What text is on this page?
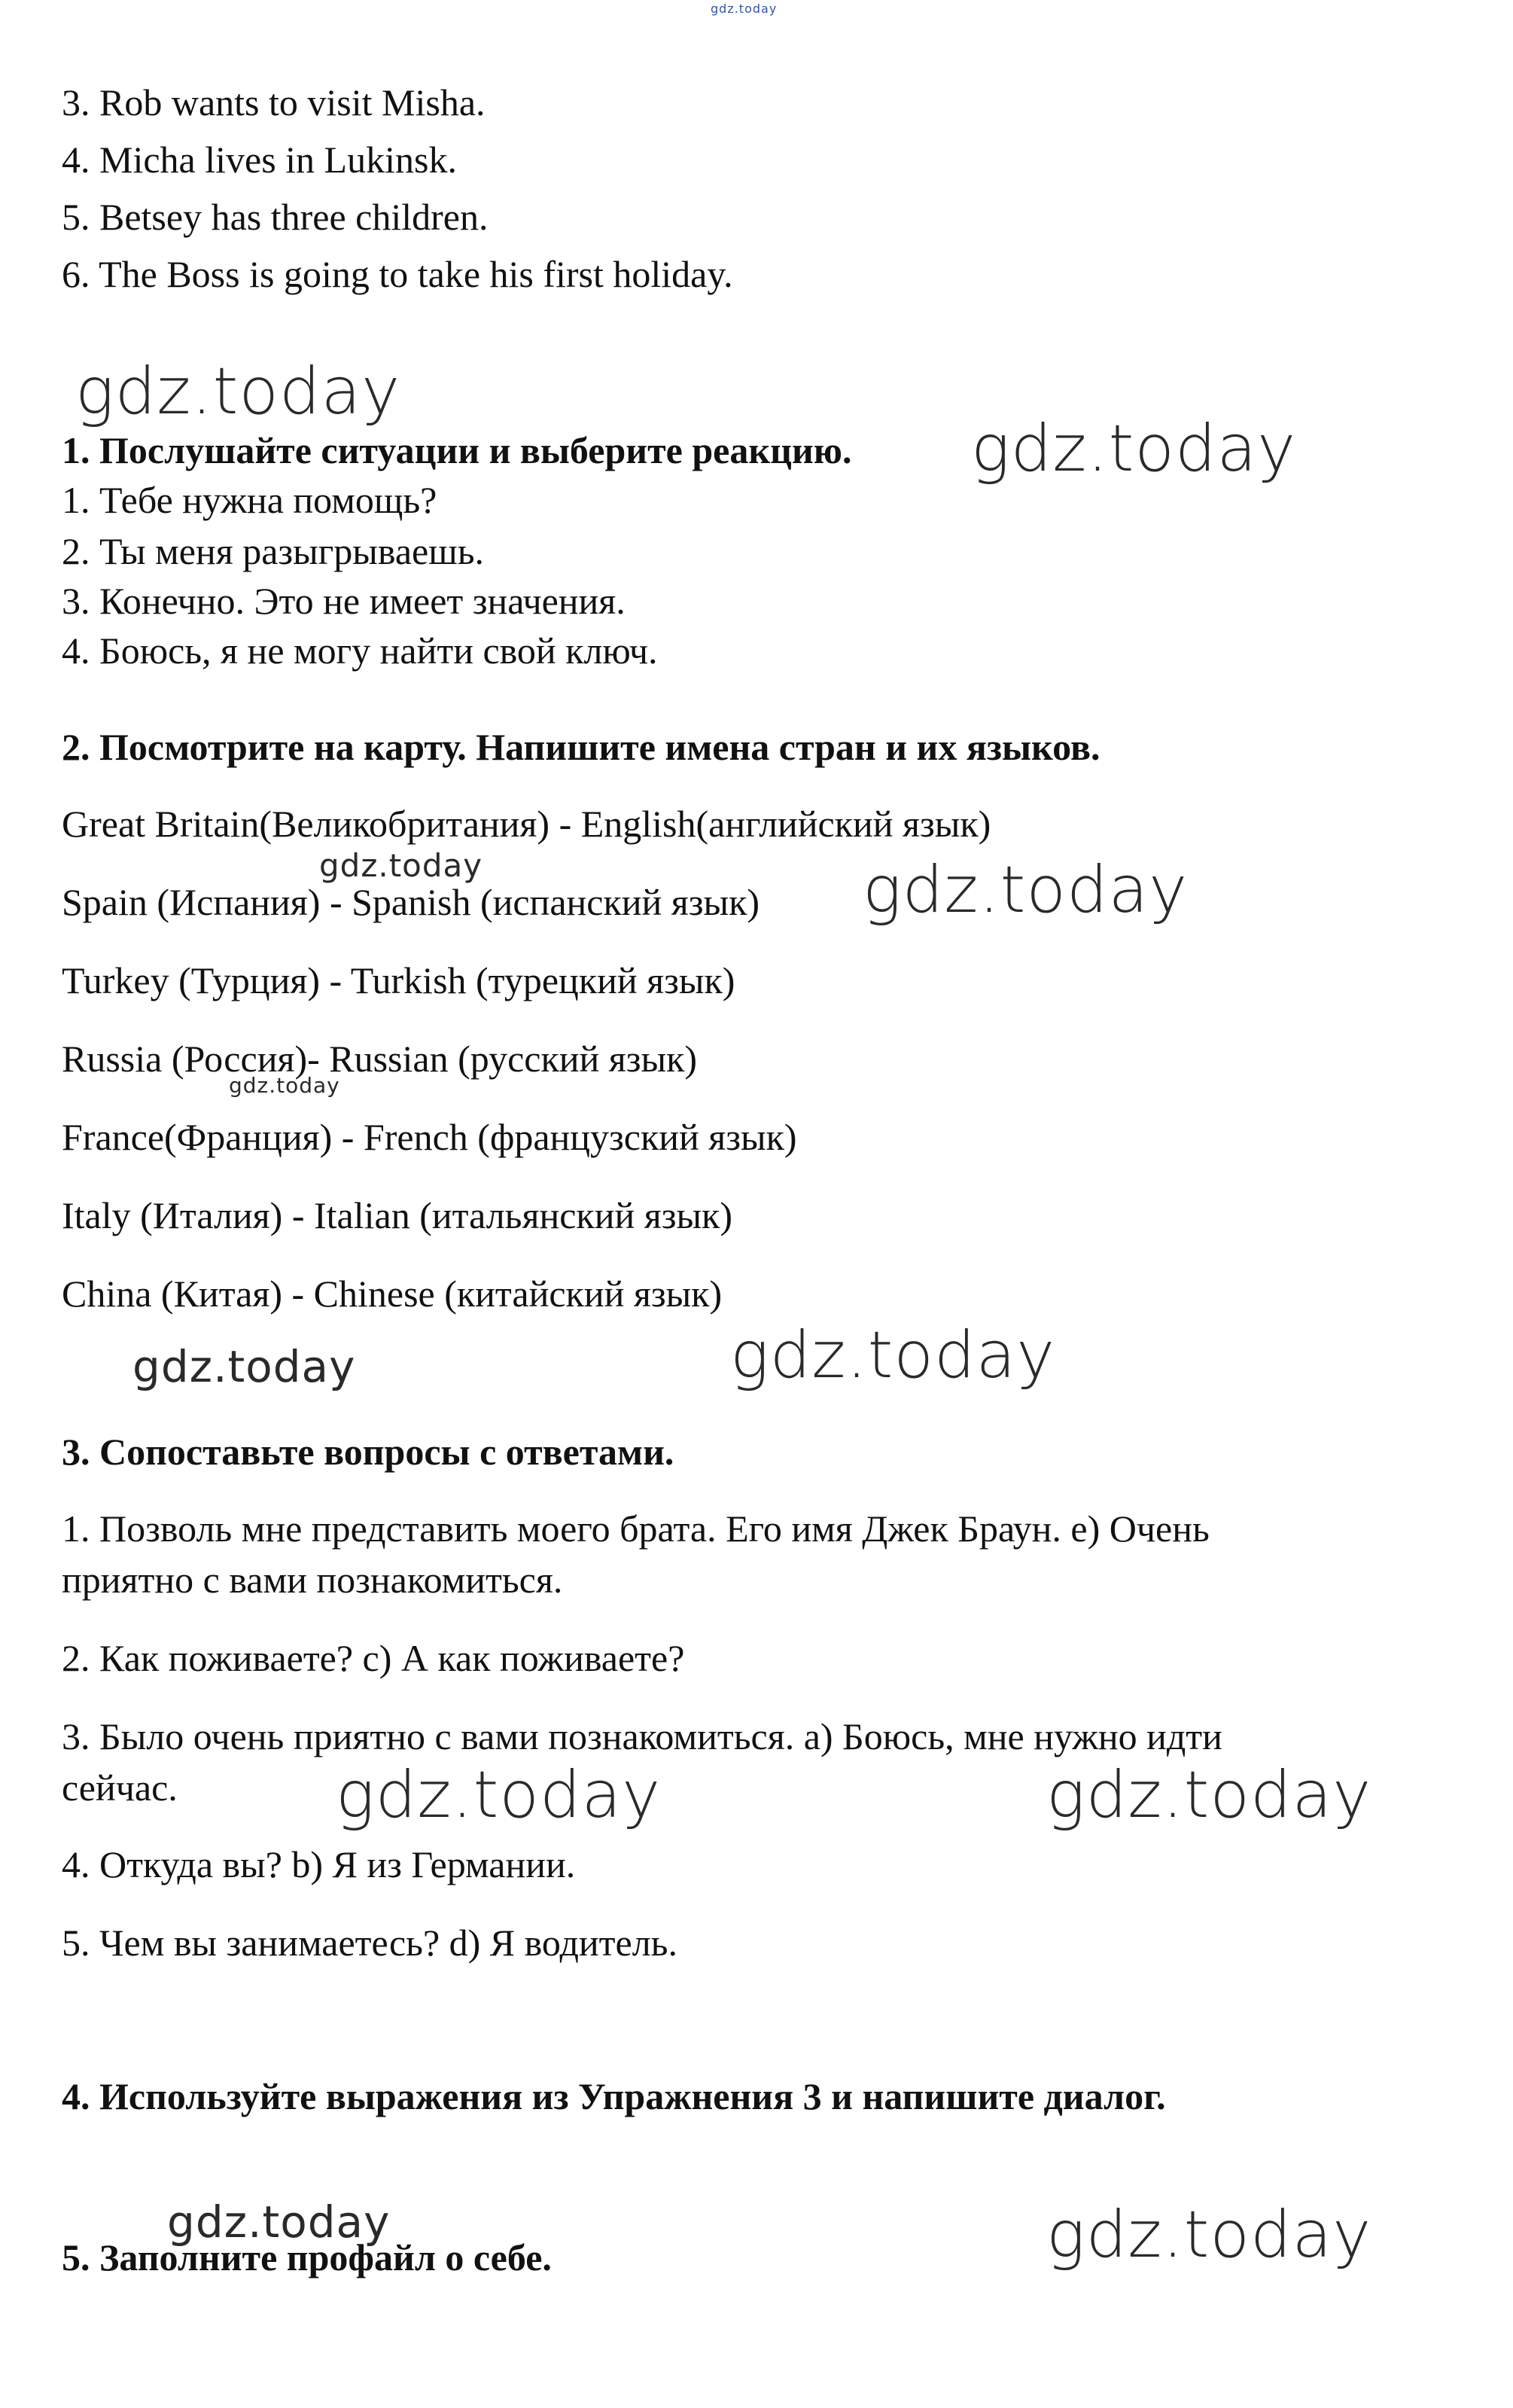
gdz.today
3. Rob wants to visit Misha.
4. Micha lives in Lukinsk.
5. Betsey has three children.
6. The Boss is going to take his first holiday.
gdz.today
1. Послушайте ситуации и выберите реакцию. gdz.today
1. Тебе нужна помощь?
2. Ты меня разыгрываешь.
3. Конечно. Это не имеет значения.
4. Боюсь, я не могу найти свой ключ.
2. Посмотрите на карту. Напишите имена стран и их языков.
Great Britain(Великобритания) - English(английский язык)
gdz.today
Spain (Испания) - Spanish (испанский язык) gdz.today
Turkey (Турция) - Turkish (турецкий язык)
Russia (Россия)- Russian (русский язык)
gdz.today
France(Франция) - French (французский язык)
Italy (Италия) - Italian (итальянский язык)
China (Китая) - Chinese (китайский язык)
gdz.today	gdz.today
3. Сопоставьте вопросы с ответами.
1. Позволь мне представить моего брата. Его имя Джек Браун. e) Очень
приятно с вами познакомиться.
2. Как поживаете? c) А как поживаете?
3. Было очень приятно с вами познакомиться. a) Боюсь, мне нужно идти
сейчас. gdz.today	gdz.today
4. Откуда вы? b) Я из Германии.
5. Чем вы занимаетесь? d) Я водитель.
4. Используйте выражения из Упражнения 3 и напишите диалог.
gdz.today	gdz.today
5. Заполните профайл о себе.
